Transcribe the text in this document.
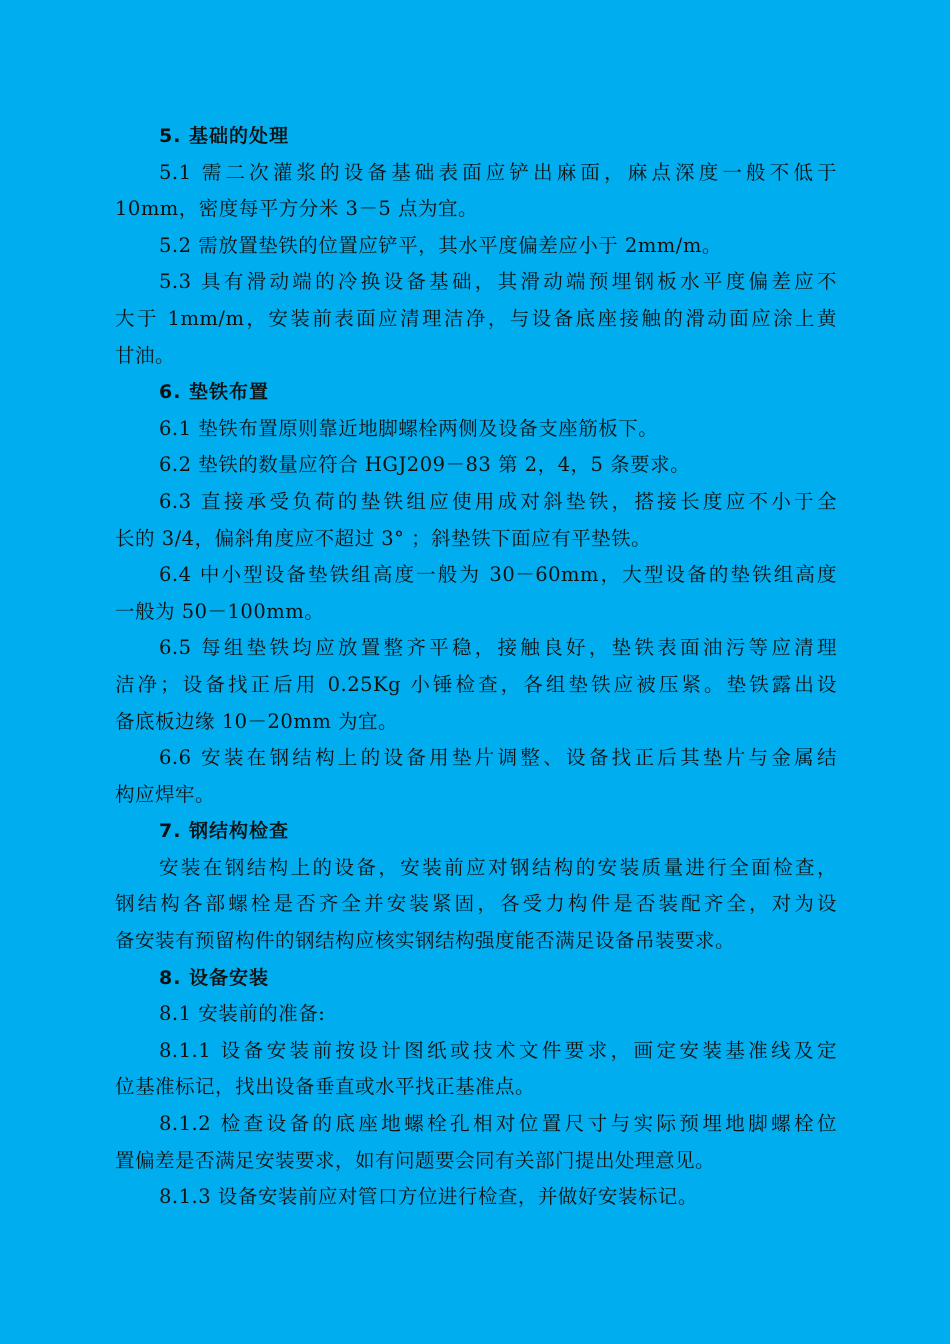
5. 基础的处理
5.1 需二次灌浆的设备基础表面应铲出麻面，麻点深度一般不低于
10mm，密度每平方分米 3－5 点为宜。
5.2 需放置垫铁的位置应铲平，其水平度偏差应小于 2mm/m。
5.3 具有滑动端的冷换设备基础，其滑动端预埋钢板水平度偏差应不
大于 1mm/m，安装前表面应清理洁净，与设备底座接触的滑动面应涂上黄
甘油。
6. 垫铁布置
6.1 垫铁布置原则靠近地脚螺栓两侧及设备支座筋板下。
6.2 垫铁的数量应符合 HGJ209－83 第 2，4，5 条要求。
6.3 直接承受负荷的垫铁组应使用成对斜垫铁，搭接长度应不小于全
长的 3/4，偏斜角度应不超过 3° ；斜垫铁下面应有平垫铁。
6.4 中小型设备垫铁组高度一般为 30－60mm，大型设备的垫铁组高度
一般为 50－100mm。
6.5 每组垫铁均应放置整齐平稳，接触良好，垫铁表面油污等应清理
洁净；设备找正后用 0.25Kg 小锤检查，各组垫铁应被压紧。垫铁露出设
备底板边缘 10－20mm 为宜。
6.6 安装在钢结构上的设备用垫片调整、设备找正后其垫片与金属结
构应焊牢。
7. 钢结构检查
安装在钢结构上的设备，安装前应对钢结构的安装质量进行全面检查，
钢结构各部螺栓是否齐全并安装紧固，各受力构件是否装配齐全，对为设
备安装有预留构件的钢结构应核实钢结构强度能否满足设备吊装要求。
8. 设备安装
8.1 安装前的准备:
8.1.1 设备安装前按设计图纸或技术文件要求，画定安装基准线及定
位基准标记，找出设备垂直或水平找正基准点。
8.1.2 检查设备的底座地螺栓孔相对位置尺寸与实际预埋地脚螺栓位
置偏差是否满足安装要求，如有问题要会同有关部门提出处理意见。
8.1.3 设备安装前应对管口方位进行检查，并做好安装标记。
